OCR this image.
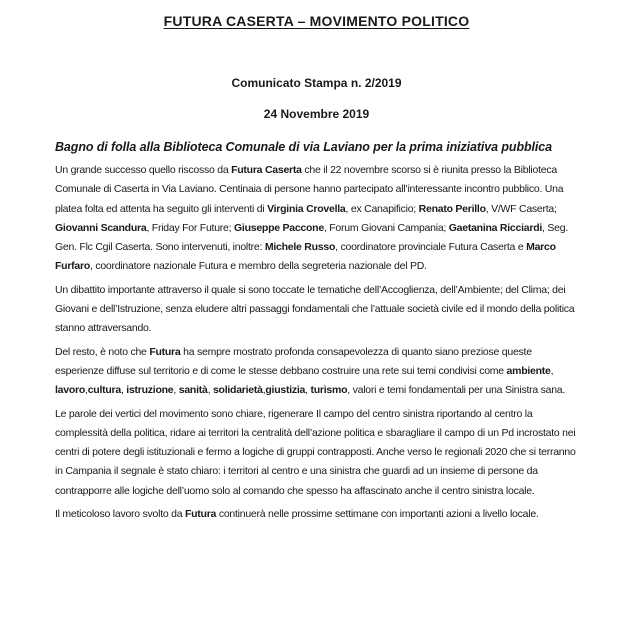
FUTURA CASERTA – MOVIMENTO POLITICO

Comunicato Stampa n. 2/2019

24 Novembre 2019

Bagno di folla alla Biblioteca Comunale di via Laviano per la prima iniziativa pubblica

Un grande successo quello riscosso da Futura Caserta che il 22 novembre scorso si è riunita presso la Biblioteca Comunale di Caserta in Via Laviano. Centinaia di persone hanno partecipato all’interessante incontro pubblico. Una platea folta ed attenta ha seguito gli interventi di Virginia Crovella, ex Canapificio; Renato Perillo, V/WF Caserta; Giovanni Scandura, Friday For Future; Giuseppe Paccone, Forum Giovani Campania; Gaetanina Ricciardi, Seg. Gen. Flc Cgil Caserta. Sono intervenuti, inoltre: Michele Russo, coordinatore provinciale Futura Caserta e Marco Furfaro, coordinatore nazionale Futura e membro della segreteria nazionale del PD.

Un dibattito importante attraverso il quale si sono toccate le tematiche dell’Accoglienza, dell’Ambiente; del Clima; dei Giovani e dell’Istruzione, senza eludere altri passaggi fondamentali che l’attuale società civile ed il mondo della politica stanno attraversando.

Del resto, è noto che Futura ha sempre mostrato profonda consapevolezza di quanto siano preziose queste esperienze diffuse sul territorio e di come le stesse debbano costruire una rete sui temi condivisi come ambiente, lavoro,cultura, istruzione, sanità, solidarietà,giustizia, turismo, valori e temi fondamentali per una Sinistra sana.

Le parole dei vertici del movimento sono chiare, rigenerare Il campo del centro sinistra riportando al centro la complessità della politica, ridare ai territori la centralità dell’azione politica e sbaragliare il campo di un Pd incrostato nei centri di potere degli istituzionali e fermo a logiche di gruppi contrapposti. Anche verso le regionali 2020 che si terranno in Campania il segnale è stato chiaro: i territori al centro e una sinistra che guardi ad un insieme di persone da contrapporre alle logiche dell’uomo solo al comando che spesso ha affascinato anche il centro sinistra locale.

Il meticoloso lavoro svolto da Futura continuerà nelle prossime settimane con importanti azioni a livello locale.
